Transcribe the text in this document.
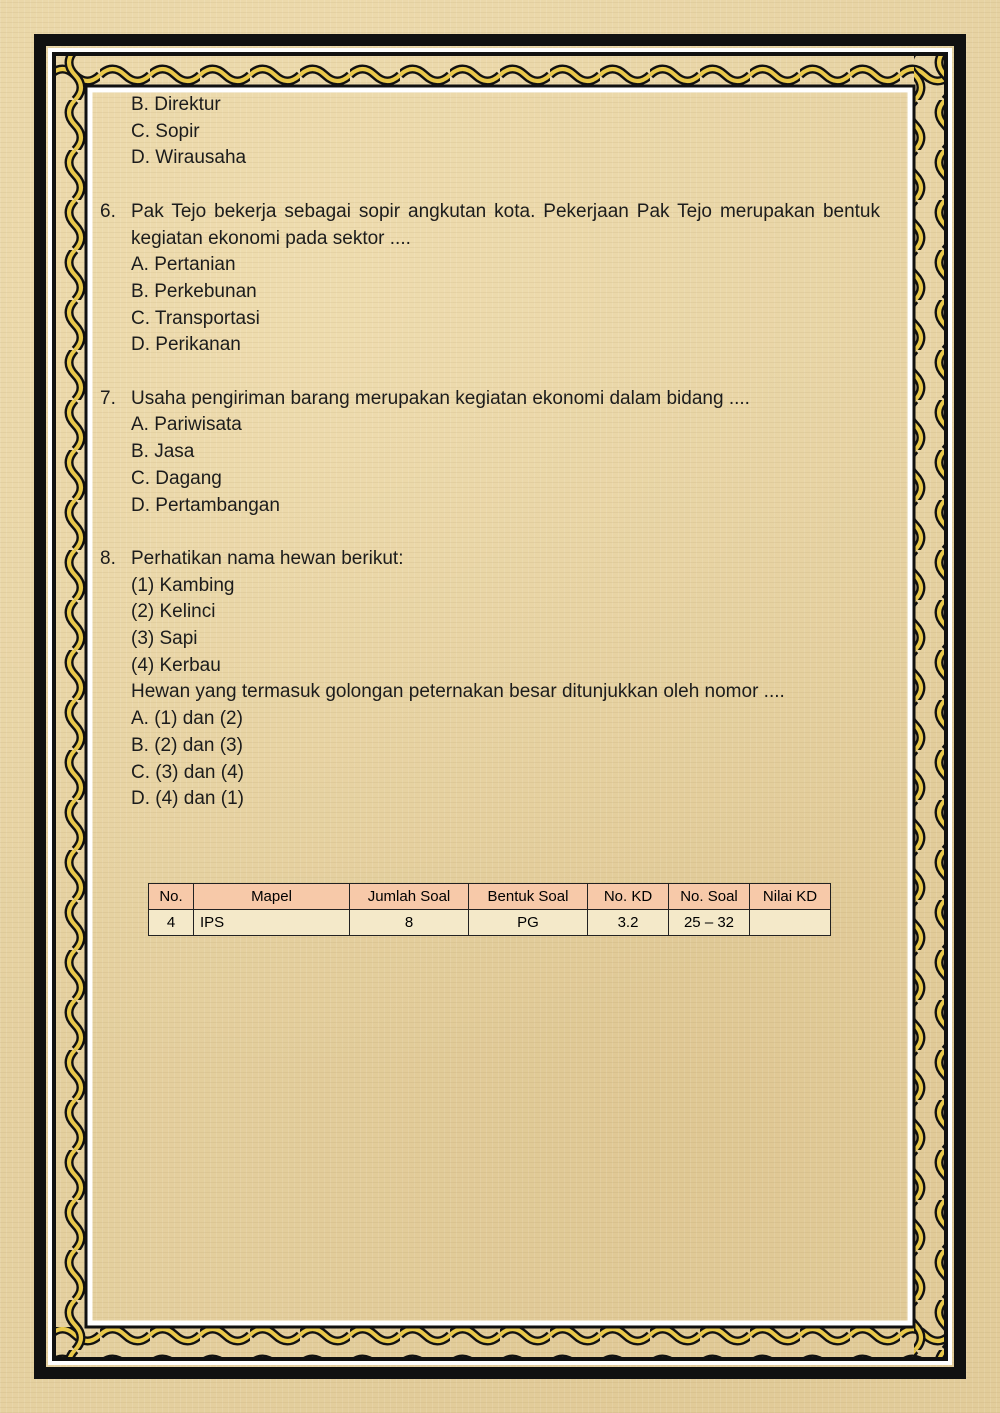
B. Direktur
C. Sopir
D. Wirausaha
6. Pak Tejo bekerja sebagai sopir angkutan kota. Pekerjaan Pak Tejo merupakan bentuk kegiatan ekonomi pada sektor ....
A. Pertanian
B. Perkebunan
C. Transportasi
D. Perikanan
7. Usaha pengiriman barang merupakan kegiatan ekonomi dalam bidang ....
A. Pariwisata
B. Jasa
C. Dagang
D. Pertambangan
8. Perhatikan nama hewan berikut:
(1) Kambing
(2) Kelinci
(3) Sapi
(4) Kerbau
Hewan yang termasuk golongan peternakan besar ditunjukkan oleh nomor ....
A. (1) dan (2)
B. (2) dan (3)
C. (3) dan (4)
D. (4) dan (1)
No.	Mapel	Jumlah Soal	Bentuk Soal	No. KD	No. Soal	Nilai KD
4	IPS	8	PG	3.2	25 – 32	
